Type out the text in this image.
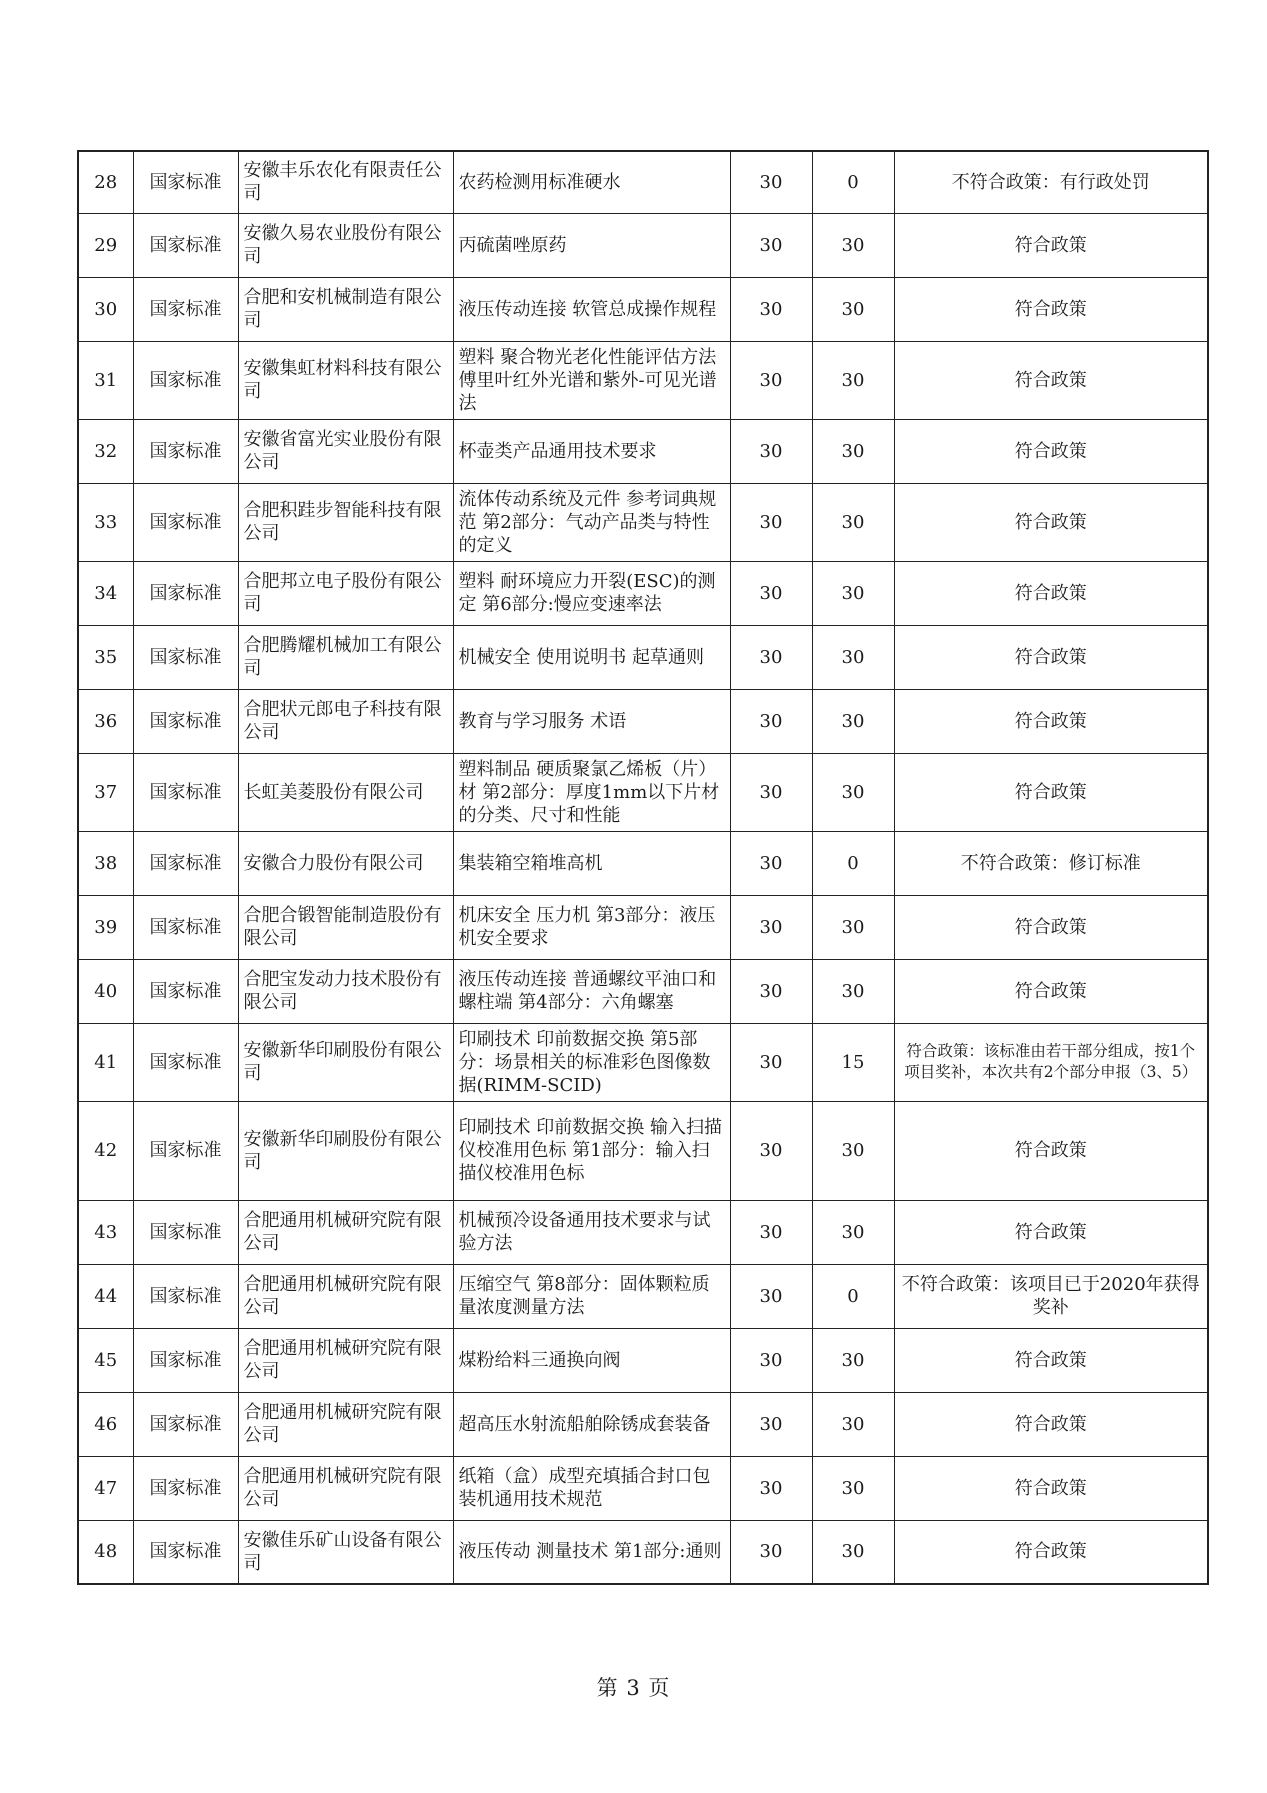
28	国家标准	安徽丰乐农化有限责任公司	农药检测用标准硬水	30	0	不符合政策：有行政处罚
29	国家标准	安徽久易农业股份有限公司	丙硫菌唑原药	30	30	符合政策
30	国家标准	合肥和安机械制造有限公司	液压传动连接 软管总成操作规程	30	30	符合政策
31	国家标准	安徽集虹材料科技有限公司	塑料 聚合物光老化性能评估方法 傅里叶红外光谱和紫外-可见光谱法	30	30	符合政策
32	国家标准	安徽省富光实业股份有限公司	杯壶类产品通用技术要求	30	30	符合政策
33	国家标准	合肥积跬步智能科技有限公司	流体传动系统及元件 参考词典规范 第2部分：气动产品类与特性的定义	30	30	符合政策
34	国家标准	合肥邦立电子股份有限公司	塑料 耐环境应力开裂(ESC)的测定 第6部分:慢应变速率法	30	30	符合政策
35	国家标准	合肥腾耀机械加工有限公司	机械安全 使用说明书 起草通则	30	30	符合政策
36	国家标准	合肥状元郎电子科技有限公司	教育与学习服务 术语	30	30	符合政策
37	国家标准	长虹美菱股份有限公司	塑料制品 硬质聚氯乙烯板（片）材 第2部分：厚度1mm以下片材的分类、尺寸和性能	30	30	符合政策
38	国家标准	安徽合力股份有限公司	集装箱空箱堆高机	30	0	不符合政策：修订标准
39	国家标准	合肥合锻智能制造股份有限公司	机床安全 压力机 第3部分：液压机安全要求	30	30	符合政策
40	国家标准	合肥宝发动力技术股份有限公司	液压传动连接 普通螺纹平油口和螺柱端 第4部分：六角螺塞	30	30	符合政策
41	国家标准	安徽新华印刷股份有限公司	印刷技术 印前数据交换 第5部分：场景相关的标准彩色图像数据(RIMM-SCID)	30	15	符合政策：该标准由若干部分组成，按1个项目奖补，本次共有2个部分申报（3、5）
42	国家标准	安徽新华印刷股份有限公司	印刷技术 印前数据交换 输入扫描仪校准用色标 第1部分：输入扫描仪校准用色标	30	30	符合政策
43	国家标准	合肥通用机械研究院有限公司	机械预冷设备通用技术要求与试验方法	30	30	符合政策
44	国家标准	合肥通用机械研究院有限公司	压缩空气 第8部分：固体颗粒质量浓度测量方法	30	0	不符合政策：该项目已于2020年获得奖补
45	国家标准	合肥通用机械研究院有限公司	煤粉给料三通换向阀	30	30	符合政策
46	国家标准	合肥通用机械研究院有限公司	超高压水射流船舶除锈成套装备	30	30	符合政策
47	国家标准	合肥通用机械研究院有限公司	纸箱（盒）成型充填插合封口包装机通用技术规范	30	30	符合政策
48	国家标准	安徽佳乐矿山设备有限公司	液压传动 测量技术 第1部分:通则	30	30	符合政策
第 3 页
